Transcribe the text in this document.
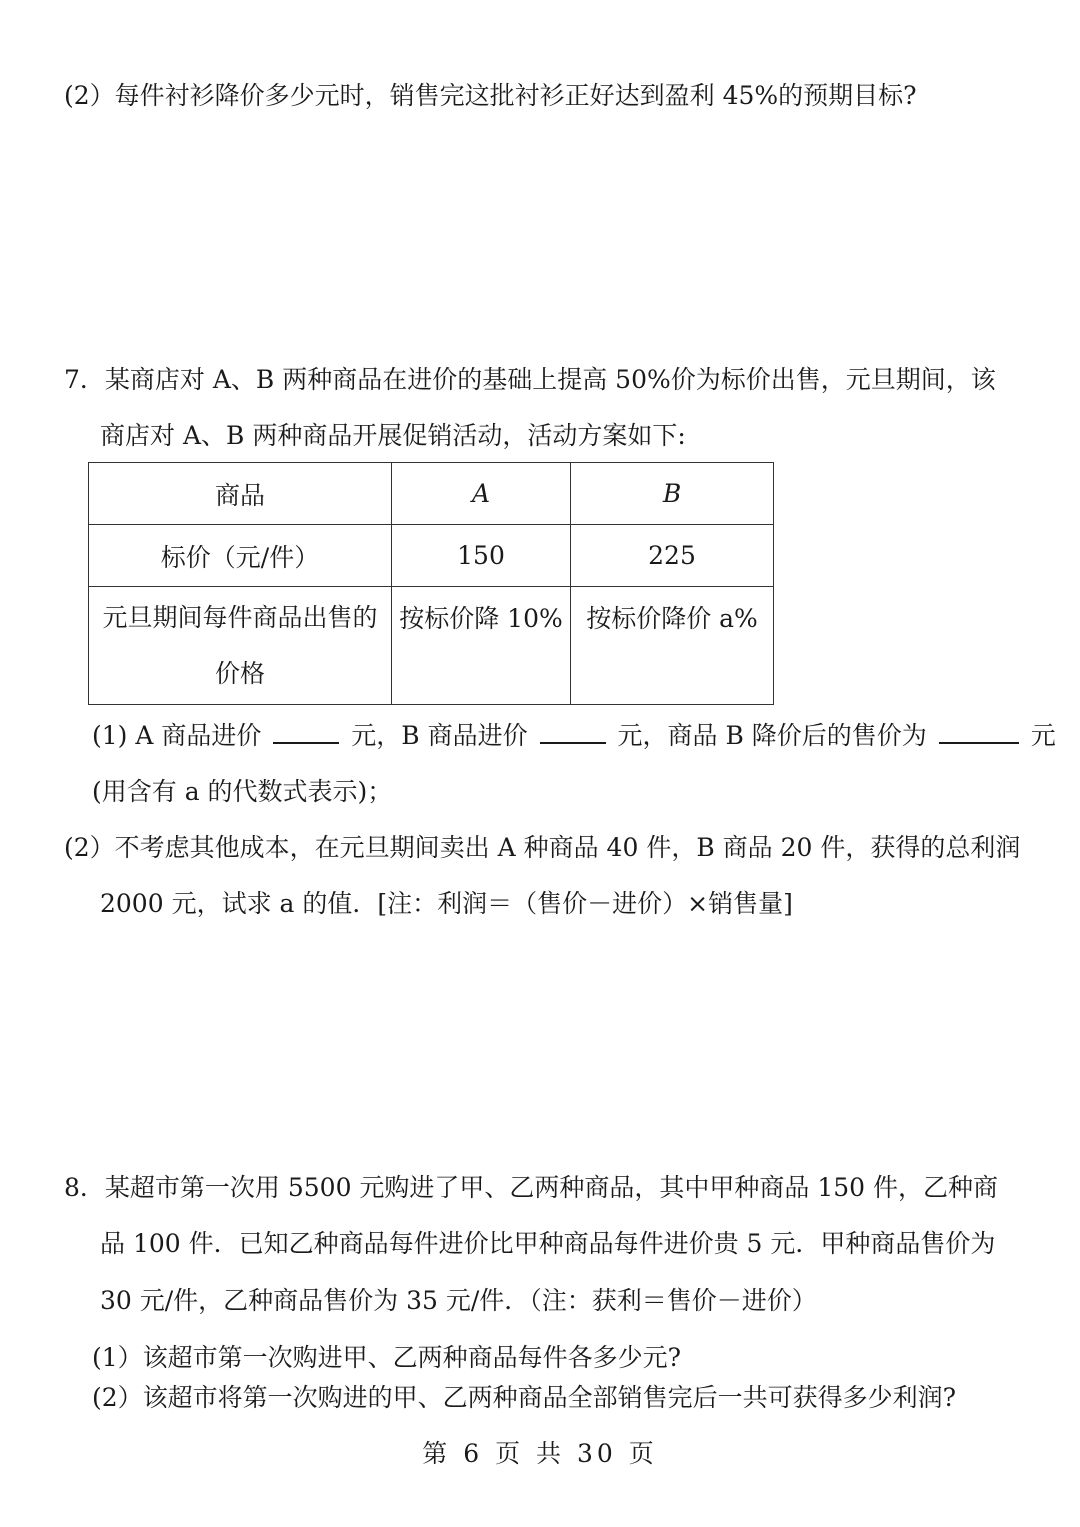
(2）每件衬衫降价多少元时，销售完这批衬衫正好达到盈利 45%的预期目标?
7．某商店对 A、B 两种商品在进价的基础上提高 50%价为标价出售，元旦期间，该
商店对 A、B 两种商品开展促销活动，活动方案如下:
商品	A	B
标价（元/件）	150	225

元旦期间每件商品出售的
价格	按标价降 10%	按标价降价 a%
(1) A 商品进价	元，B 商品进价	元，商品 B 降价后的售价为	元
(用含有 a 的代数式表示)；
(2）不考虑其他成本，在元旦期间卖出 A 种商品 40 件，B 商品 20 件，获得的总利润
2000 元，试求 a 的值．[注：利润＝（售价－进价）×销售量]
8．某超市第一次用 5500 元购进了甲、乙两种商品，其中甲种商品 150 件，乙种商
品 100 件．已知乙种商品每件进价比甲种商品每件进价贵 5 元．甲种商品售价为
30 元/件，乙种商品售价为 35 元/件．（注：获利＝售价－进价）
(1）该超市第一次购进甲、乙两种商品每件各多少元?
(2）该超市将第一次购进的甲、乙两种商品全部销售完后一共可获得多少利润?
第 6 页 共 30 页
